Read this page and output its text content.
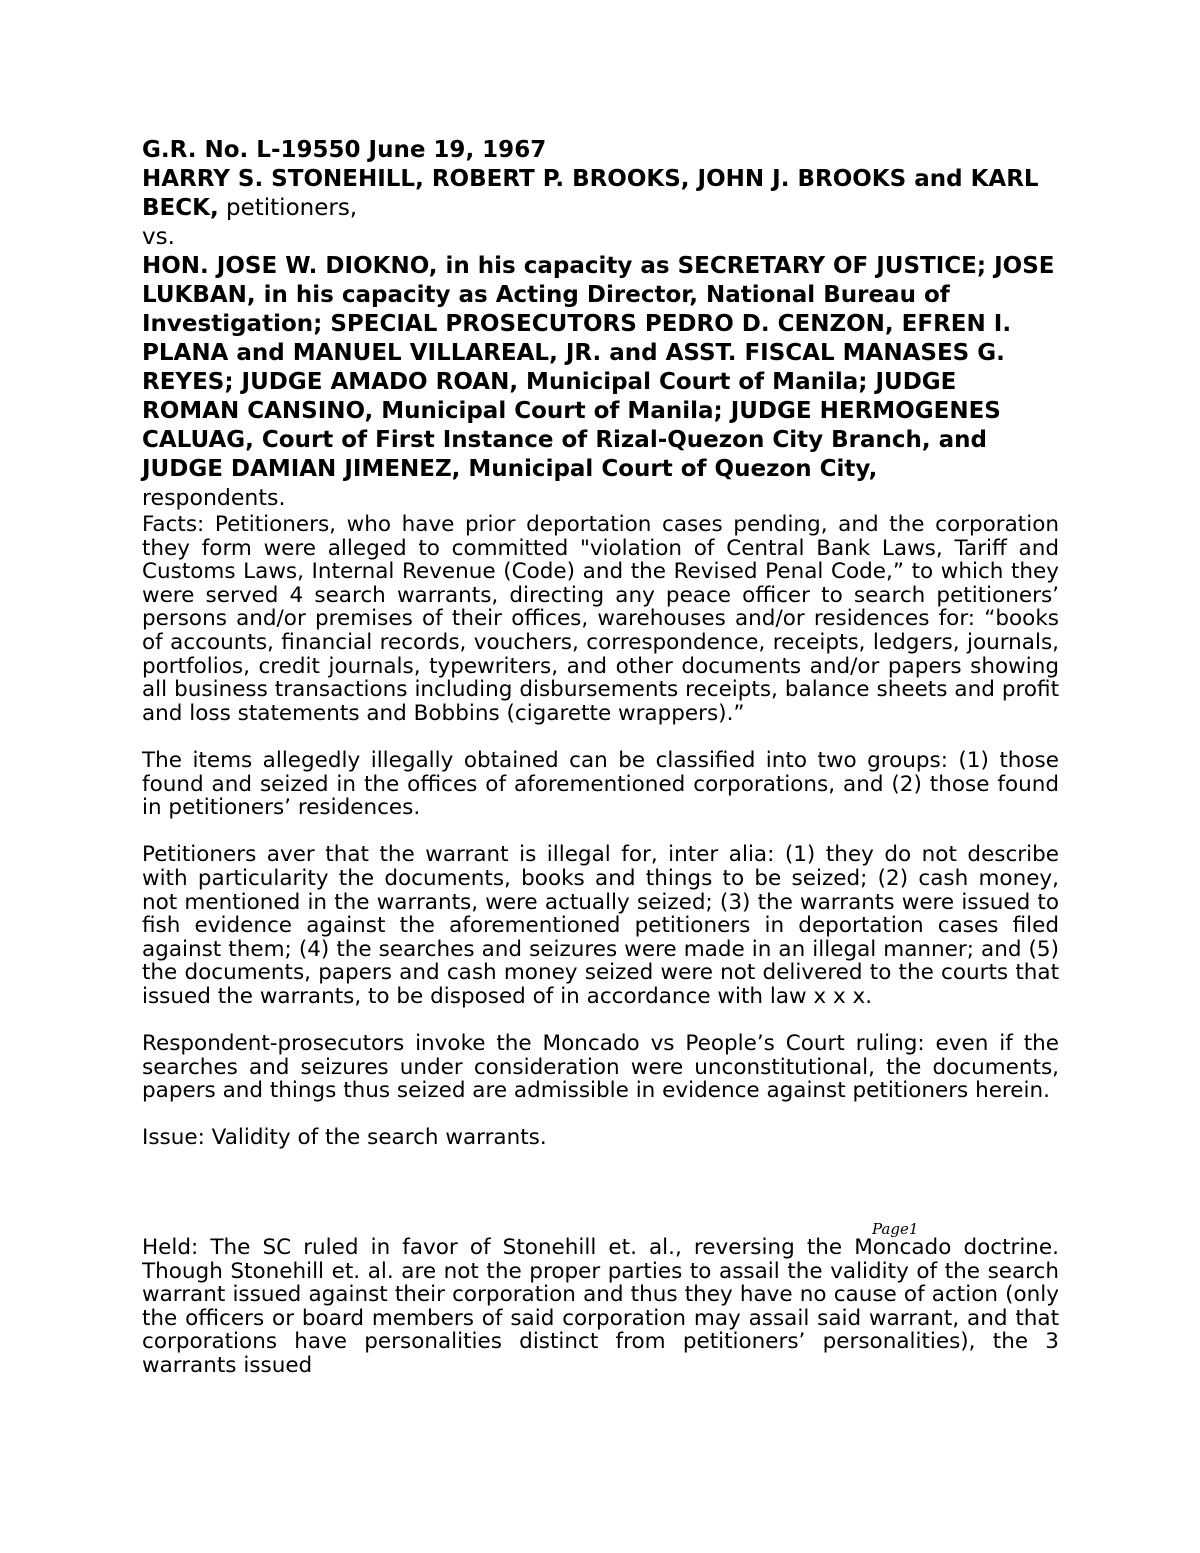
G.R. No. L-19550 June 19, 1967

HARRY S. STONEHILL, ROBERT P. BROOKS, JOHN J. BROOKS and KARL BECK, petitioners,

vs.

HON. JOSE W. DIOKNO, in his capacity as SECRETARY OF JUSTICE; JOSE LUKBAN, in his capacity as Acting Director, National Bureau of Investigation; SPECIAL PROSECUTORS PEDRO D. CENZON, EFREN I. PLANA and MANUEL VILLAREAL, JR. and ASST. FISCAL MANASES G. REYES; JUDGE AMADO ROAN, Municipal Court of Manila; JUDGE ROMAN CANSINO, Municipal Court of Manila; JUDGE HERMOGENES CALUAG, Court of First Instance of Rizal-Quezon City Branch, and JUDGE DAMIAN JIMENEZ, Municipal Court of Quezon City,

respondents.

Facts: Petitioners, who have prior deportation cases pending, and the corporation they form were alleged to committed "violation of Central Bank Laws, Tariff and Customs Laws, Internal Revenue (Code) and the Revised Penal Code,” to which they were served 4 search warrants, directing any peace officer to search petitioners’ persons and/or premises of their offices, warehouses and/or residences for: “books of accounts, financial records, vouchers, correspondence, receipts, ledgers, journals, portfolios, credit journals, typewriters, and other documents and/or papers showing all business transactions including disbursements receipts, balance sheets and profit and loss statements and Bobbins (cigarette wrappers).”

The items allegedly illegally obtained can be classified into two groups: (1) those found and seized in the offices of aforementioned corporations, and (2) those found in petitioners’ residences.

Petitioners aver that the warrant is illegal for, inter alia: (1) they do not describe with particularity the documents, books and things to be seized; (2) cash money, not mentioned in the warrants, were actually seized; (3) the warrants were issued to fish evidence against the aforementioned petitioners in deportation cases filed against them; (4) the searches and seizures were made in an illegal manner; and (5) the documents, papers and cash money seized were not delivered to the courts that issued the warrants, to be disposed of in accordance with law x x x.

Respondent-prosecutors invoke the Moncado vs People’s Court ruling: even if the searches and seizures under consideration were unconstitutional, the documents, papers and things thus seized are admissible in evidence against petitioners herein.

Issue: Validity of the search warrants.

Page1

Held: The SC ruled in favor of Stonehill et. al., reversing the Moncado doctrine. Though Stonehill et. al. are not the proper parties to assail the validity of the search warrant issued against their corporation and thus they have no cause of action (only the officers or board members of said corporation may assail said warrant, and that corporations have personalities distinct from petitioners’ personalities), the 3 warrants issued
